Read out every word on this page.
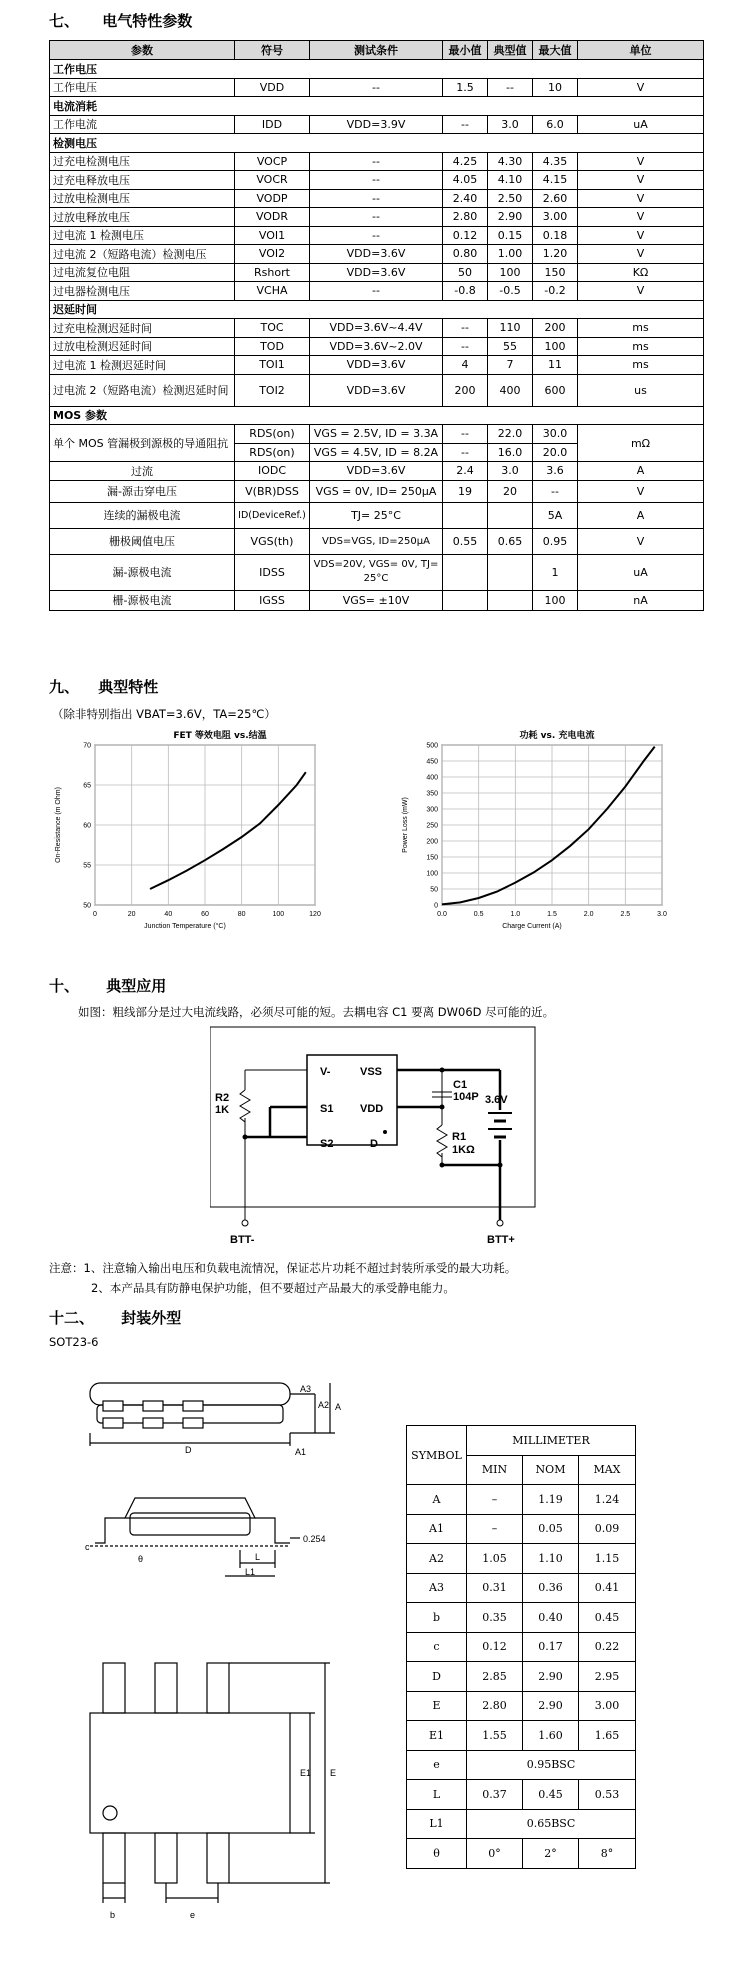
七、 电气特性参数
参数	符号	测试条件	最小值	典型值	最大值	单位
工作电压						
工作电压	VDD	--	1.5	--	10	V
电流消耗						
工作电流	IDD	VDD=3.9V	--	3.0	6.0	uA
检测电压						
过充电检测电压	VOCP	--	4.25	4.30	4.35	V
过充电释放电压	VOCR	--	4.05	4.10	4.15	V
过放电检测电压	VODP	--	2.40	2.50	2.60	V
过放电释放电压	VODR	--	2.80	2.90	3.00	V
过电流 1 检测电压	VOI1	--	0.12	0.15	0.18	V
过电流 2（短路电流）检测电压	VOI2	VDD=3.6V	0.80	1.00	1.20	V
过电流复位电阻	Rshort	VDD=3.6V	50	100	150	KΩ
过电器检测电压	VCHA	--	-0.8	-0.5	-0.2	V
迟延时间						
过充电检测迟延时间	TOC	VDD=3.6V~4.4V	--	110	200	ms
过放电检测迟延时间	TOD	VDD=3.6V~2.0V	--	55	100	ms
过电流 1 检测迟延时间	TOI1	VDD=3.6V	4	7	11	ms
过电流 2（短路电流）检测迟延时间	TOI2	VDD=3.6V	200	400	600	us
MOS 参数						
单个 MOS 管漏极到源极的导通阻抗	RDS(on)	VGS = 2.5V, ID = 3.3A	--	22.0	30.0	mΩ
	RDS(on)	VGS = 4.5V, ID = 8.2A	--	16.0	20.0	
过流	IODC	VDD=3.6V	2.4	3.0	3.6	A
漏-源击穿电压	V(BR)DSS	VGS = 0V, ID= 250μA	19	20	--	V
连续的漏极电流	ID(DeviceRef.)	TJ= 25°C			5A	A
栅极阈值电压	VGS(th)	VDS=VGS, ID=250μA	0.55	0.65	0.95	V
漏-源极电流	IDSS	VDS=20V, VGS= 0V, TJ= 25°C			1	uA
栅-源极电流	IGSS	VGS= ±10V			100	nA
九、 典型特性
（除非特别指出 VBAT=3.6V，TA=25℃）
FET 等效电阻 vs.结温
0	20	40	60	80	100	120
50
55
60
65
70
Junction Temperature (°C)
On-Resistance (m Ohm)
功耗 vs. 充电电流
0.0	0.5	1.0	1.5	2.0	2.5	3.0
0
50
100
150
200
250
300
350
400
450
500
Charge Current (A)
Power Loss (mW)
十、 典型应用
如图：粗线部分是过大电流线路，必须尽可能的短。去耦电容 C1 要离 DW06D 尽可能的近。
V-	VSS
S1 VDD
S2	D
R2
1K
C1
104P
R1
1KΩ
3.6V
BTT-	BTT+
注意：1、注意输入输出电压和负载电流情况，保证芯片功耗不超过封装所承受的最大功耗。
2、本产品具有防静电保护功能，但不要超过产品最大的承受静电能力。
十二、 封装外型
SOT23-6
A3
A2 A
D	A1
c
0.254
θ	L
L1
E1 E
b	e
SYMBOL	MILLIMETER		
	MIN	NOM	MAX
A	–	1.19	1.24
A1	–	0.05	0.09
A2	1.05	1.10	1.15
A3	0.31	0.36	0.41
b	0.35	0.40	0.45
c	0.12	0.17	0.22
D	2.85	2.90	2.95
E	2.80	2.90	3.00
E1	1.55	1.60	1.65
e	0.95BSC		
L	0.37	0.45	0.53
L1	0.65BSC		
θ	0°	2°	8°
